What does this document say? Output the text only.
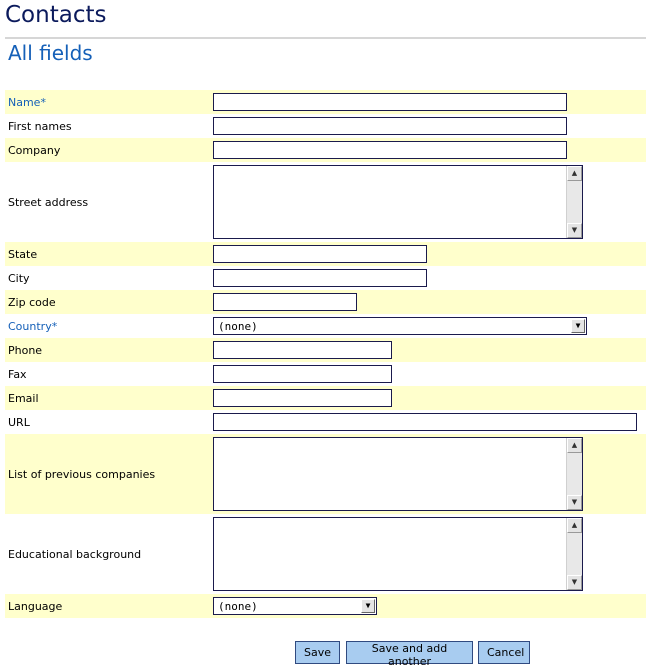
Contacts
All fields
Name*
First names
Company
Street address
▲
▼
State
City
Zip code
Country*	(none)	▼
Phone
Fax
Email
URL
List of previous companies
▲
▼
Educational background
▲
▼
Language	(none)	▼
Save	Save and add another
Cancel
